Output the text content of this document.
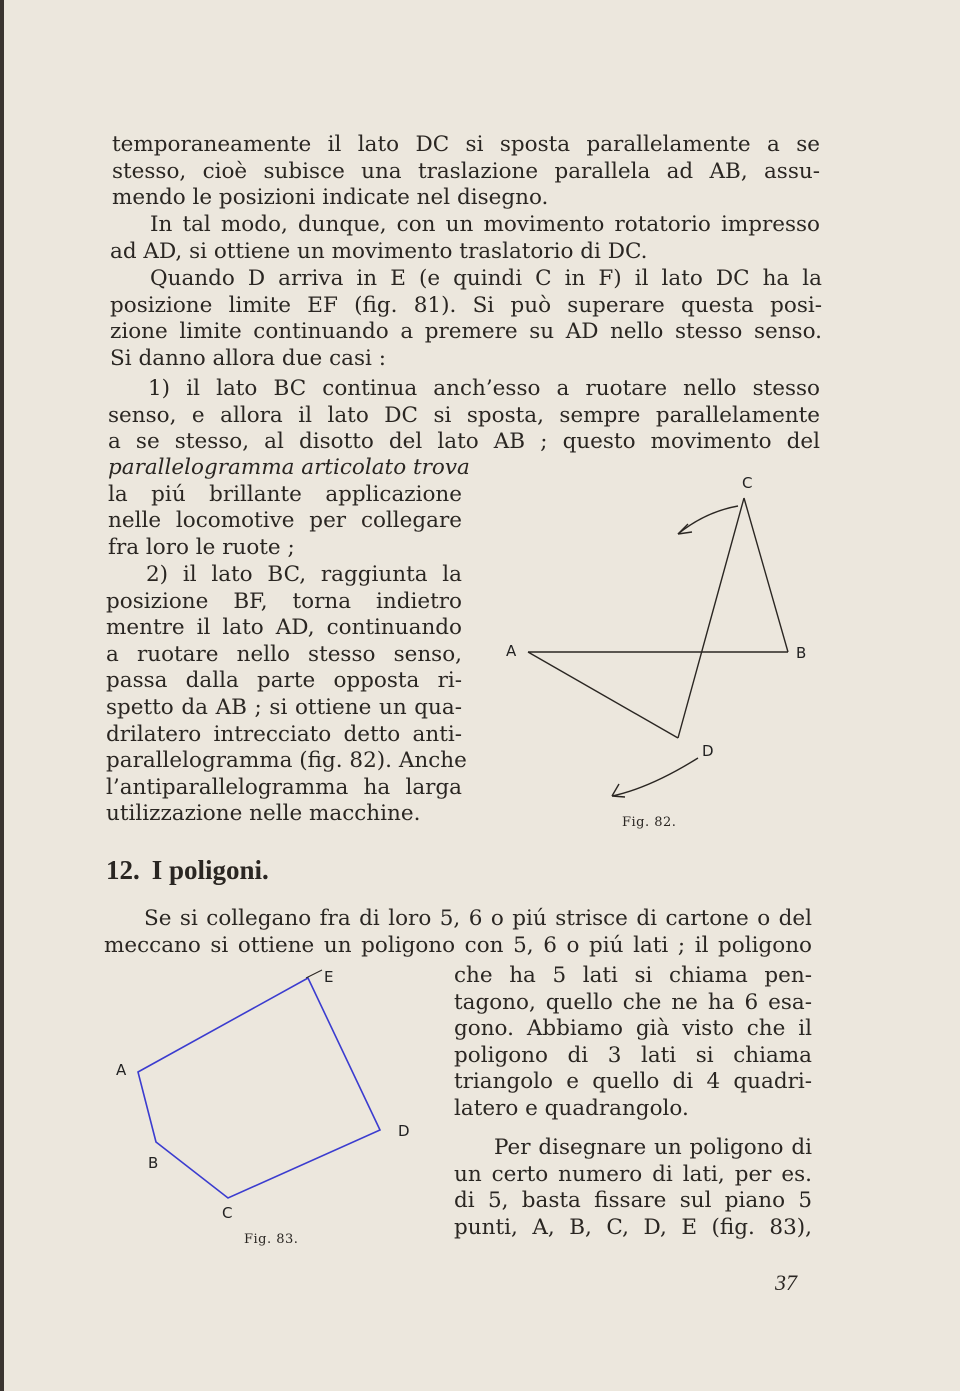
temporaneamente il lato DC si sposta parallelamente a se
stesso, cioè subisce una traslazione parallela ad AB, assu-
mendo le posizioni indicate nel disegno.
In tal modo, dunque, con un movimento rotatorio impresso
ad AD, si ottiene un movimento traslatorio di DC.
Quando D arriva in E (e quindi C in F) il lato DC ha la
posizione limite EF (fig. 81). Si può superare questa posi-
zione limite continuando a premere su AD nello stesso senso.
Si danno allora due casi :
1) il lato BC continua anch’esso a ruotare nello stesso
senso, e allora il lato DC si sposta, sempre parallelamente
a se stesso, al disotto del lato AB ; questo movimento del
parallelogramma articolato trova
la piú brillante applicazione
nelle locomotive per collegare
fra loro le ruote ;
2) il lato BC, raggiunta la
posizione BF, torna indietro
mentre il lato AD, continuando
a ruotare nello stesso senso,
passa dalla parte opposta ri-
spetto da AB ; si ottiene un qua-
drilatero intrecciato detto anti-
parallelogramma (fig. 82). Anche
l’antiparallelogramma ha larga
utilizzazione nelle macchine.
A	B
C
D
Fig. 82.
12. I poligoni.
Se si collegano fra di loro 5, 6 o piú strisce di cartone o del
meccano si ottiene un poligono con 5, 6 o piú lati ; il poligono
A
B
C
D
E
Fig. 83.
che ha 5 lati si chiama pen-
tagono, quello che ne ha 6 esa-
gono. Abbiamo già visto che il
poligono di 3 lati si chiama
triangolo e quello di 4 quadri-
latero e quadrangolo.
Per disegnare un poligono di
un certo numero di lati, per es.
di 5, basta fissare sul piano 5
punti, A, B, C, D, E (fig. 83),
37
